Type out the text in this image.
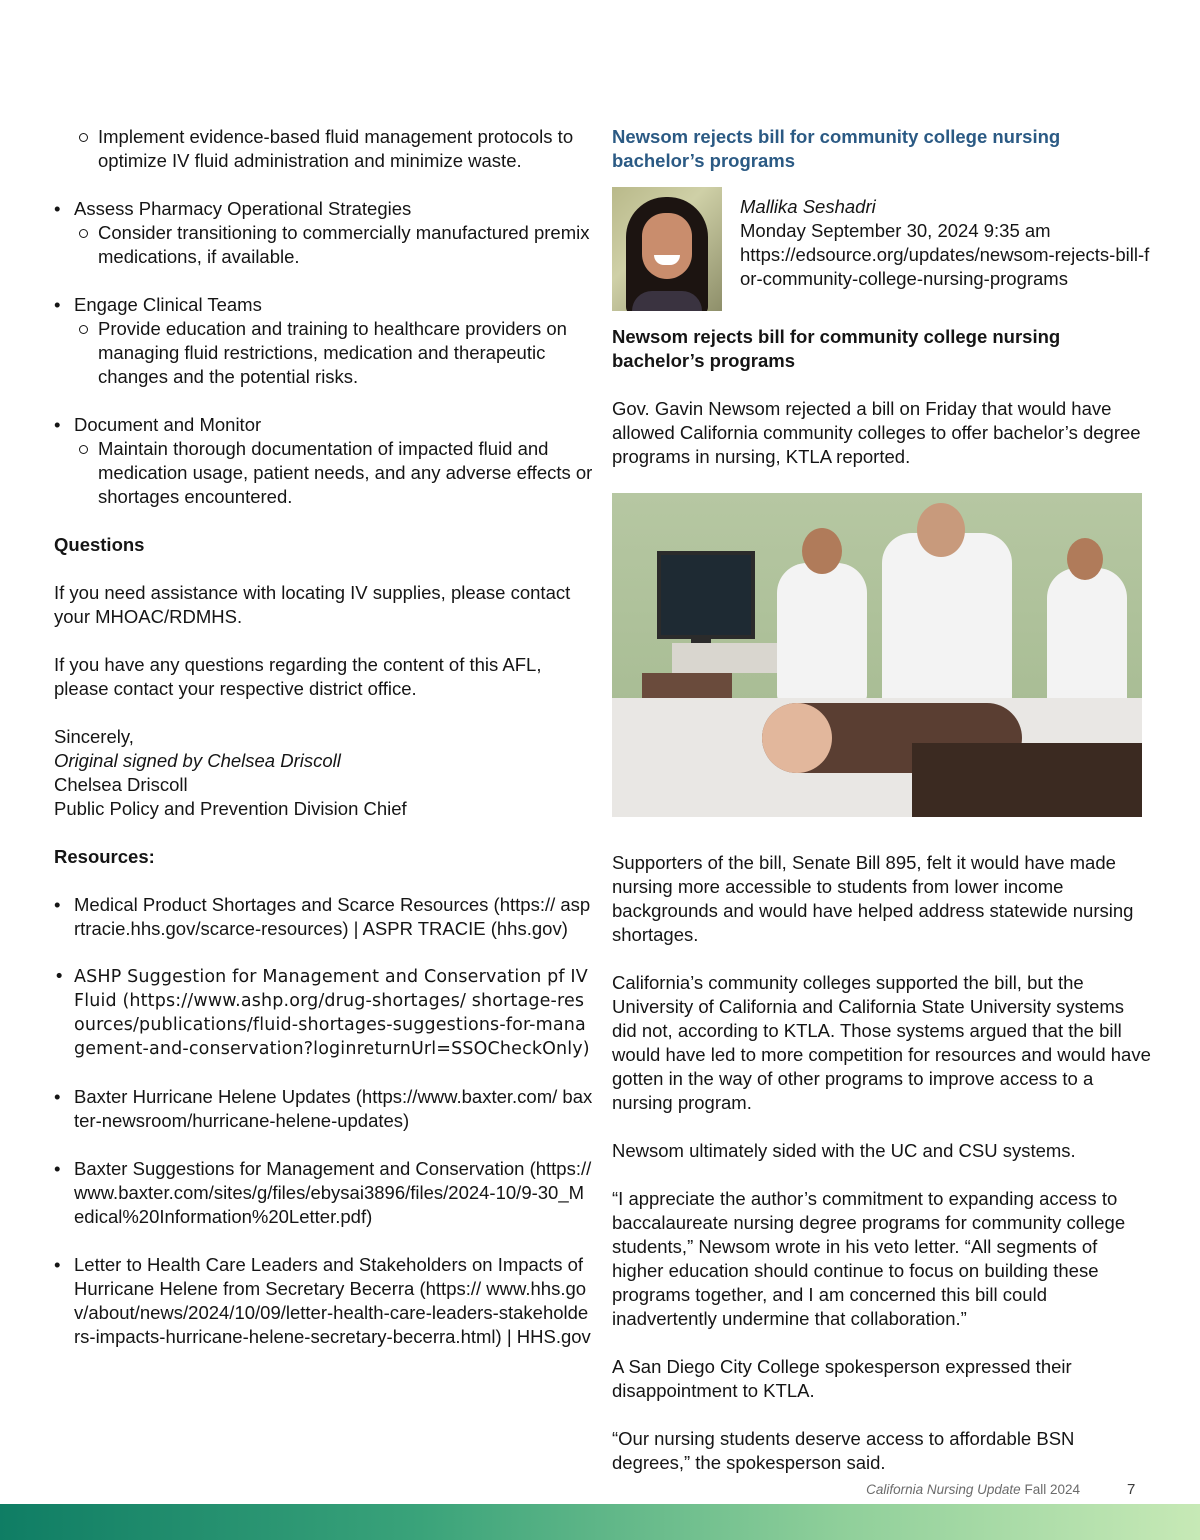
Implement evidence-based fluid management protocols to optimize IV fluid administration and minimize waste.
• Assess Pharmacy Operational Strategies
Consider transitioning to commercially manufactured premix medications, if available.
• Engage Clinical Teams
Provide education and training to healthcare providers on managing fluid restrictions, medication and therapeutic changes and the potential risks.
• Document and Monitor
Maintain thorough documentation of impacted fluid and medication usage, patient needs, and any adverse effects or shortages encountered.
Questions
If you need assistance with locating IV supplies, please contact your MHOAC/RDMHS.
If you have any questions regarding the content of this AFL, please contact your respective district office.
Sincerely,
Original signed by Chelsea Driscoll
Chelsea Driscoll
Public Policy and Prevention Division Chief
Resources:
• Medical Product Shortages and Scarce Resources (https:// asprtracie.hhs.gov/scarce-resources) | ASPR TRACIE (hhs.gov)
• ASHP Suggestion for Management and Conservation pf IV Fluid (https://www.ashp.org/drug-shortages/ shortage-resources/publications/fluid-shortages-suggestions-for-management-and-conservation?loginreturnUrl=SSOCheckOnly)
• Baxter Hurricane Helene Updates (https://www.baxter.com/ baxter-newsroom/hurricane-helene-updates)
• Baxter Suggestions for Management and Conservation (https://www.baxter.com/sites/g/files/ebysai3896/files/2024-10/9-30_Medical%20Information%20Letter.pdf)
• Letter to Health Care Leaders and Stakeholders on Impacts of Hurricane Helene from Secretary Becerra (https:// www.hhs.gov/about/news/2024/10/09/letter-health-care-leaders-stakeholders-impacts-hurricane-helene-secretary-becerra.html) | HHS.gov
Newsom rejects bill for community college nursing bachelor’s programs
Mallika Seshadri
Monday September 30, 2024 9:35 am
https://edsource.org/updates/newsom-rejects-bill-for-community-college-nursing-programs
Newsom rejects bill for community college nursing bachelor’s programs
Gov. Gavin Newsom rejected a bill on Friday that would have allowed California community colleges to offer bachelor’s degree programs in nursing, KTLA reported.
Supporters of the bill, Senate Bill 895, felt it would have made nursing more accessible to students from lower income backgrounds and would have helped address statewide nursing shortages.
California’s community colleges supported the bill, but the University of California and California State University systems did not, according to KTLA. Those systems argued that the bill would have led to more competition for resources and would have gotten in the way of other programs to improve access to a nursing program.
Newsom ultimately sided with the UC and CSU systems.
“I appreciate the author’s commitment to expanding access to baccalaureate nursing degree programs for community college students,” Newsom wrote in his veto letter. “All segments of higher education should continue to focus on building these programs together, and I am concerned this bill could inadvertently undermine that collaboration.”
A San Diego City College spokesperson expressed their disappointment to KTLA.
“Our nursing students deserve access to affordable BSN degrees,” the spokesperson said.
California Nursing Update Fall 2024	7
